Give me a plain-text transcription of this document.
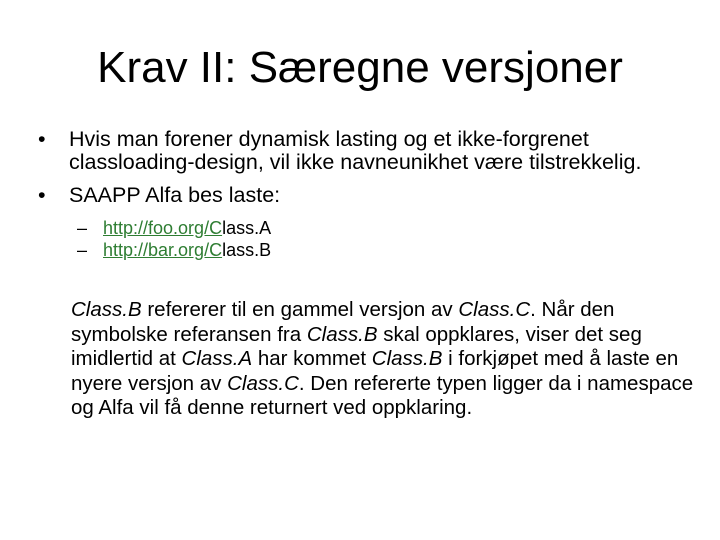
Krav II: Særegne versjoner
• Hvis man forener dynamisk lasting og et ikke-forgrenet classloading-design, vil ikke navneunikhet være tilstrekkelig.
• SAAPP Alfa bes laste:
– http://foo.org/Class.A
– http://bar.org/Class.B

Class.B refererer til en gammel versjon av Class.C. Når den symbolske referansen fra Class.B skal oppklares, viser det seg imidlertid at Class.A har kommet Class.B i forkjøpet med å laste en nyere versjon av Class.C. Den refererte typen ligger da i namespace og Alfa vil få denne returnert ved oppklaring.
